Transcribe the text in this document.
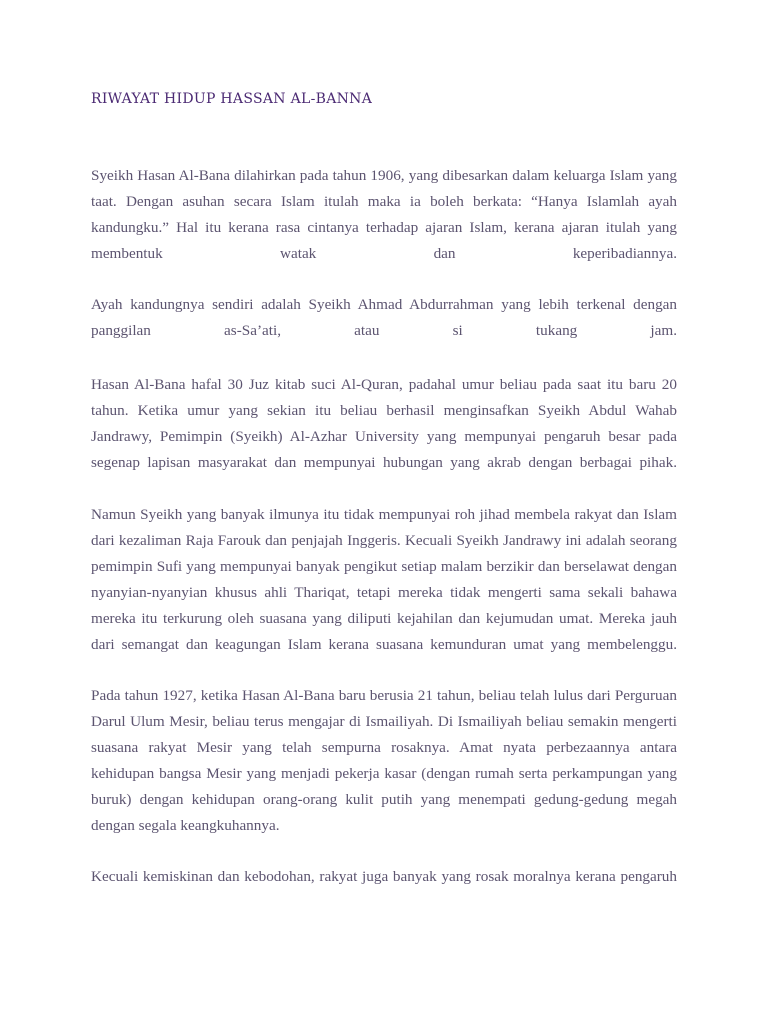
RIWAYAT HIDUP HASSAN AL-BANNA

Syeikh Hasan Al-Bana dilahirkan pada tahun 1906, yang dibesarkan dalam keluarga Islam yang taat. Dengan asuhan secara Islam itulah maka ia boleh berkata: “Hanya Islamlah ayah kandungku.” Hal itu kerana rasa cintanya terhadap ajaran Islam, kerana ajaran itulah yang membentuk watak dan keperibadiannya.

Ayah kandungnya sendiri adalah Syeikh Ahmad Abdurrahman yang lebih terkenal dengan panggilan as-Sa’ati, atau si tukang jam.

Hasan Al-Bana hafal 30 Juz kitab suci Al-Quran, padahal umur beliau pada saat itu baru 20 tahun. Ketika umur yang sekian itu beliau berhasil menginsafkan Syeikh Abdul Wahab Jandrawy, Pemimpin (Syeikh) Al-Azhar University yang mempunyai pengaruh besar pada segenap lapisan masyarakat dan mempunyai hubungan yang akrab dengan berbagai pihak.

Namun Syeikh yang banyak ilmunya itu tidak mempunyai roh jihad membela rakyat dan Islam dari kezaliman Raja Farouk dan penjajah Inggeris. Kecuali Syeikh Jandrawy ini adalah seorang pemimpin Sufi yang mempunyai banyak pengikut setiap malam berzikir dan berselawat dengan nyanyian-nyanyian khusus ahli Thariqat, tetapi mereka tidak mengerti sama sekali bahawa mereka itu terkurung oleh suasana yang diliputi kejahilan dan kejumudan umat. Mereka jauh dari semangat dan keagungan Islam kerana suasana kemunduran umat yang membelenggu.

Pada tahun 1927, ketika Hasan Al-Bana baru berusia 21 tahun, beliau telah lulus dari Perguruan Darul Ulum Mesir, beliau terus mengajar di Ismailiyah. Di Ismailiyah beliau semakin mengerti suasana rakyat Mesir yang telah sempurna rosaknya. Amat nyata perbezaannya antara kehidupan bangsa Mesir yang menjadi pekerja kasar (dengan rumah serta perkampungan yang buruk) dengan kehidupan orang-orang kulit putih yang menempati gedung-gedung megah dengan segala keangkuhannya.

Kecuali kemiskinan dan kebodohan, rakyat juga banyak yang rosak moralnya kerana pengaruh
